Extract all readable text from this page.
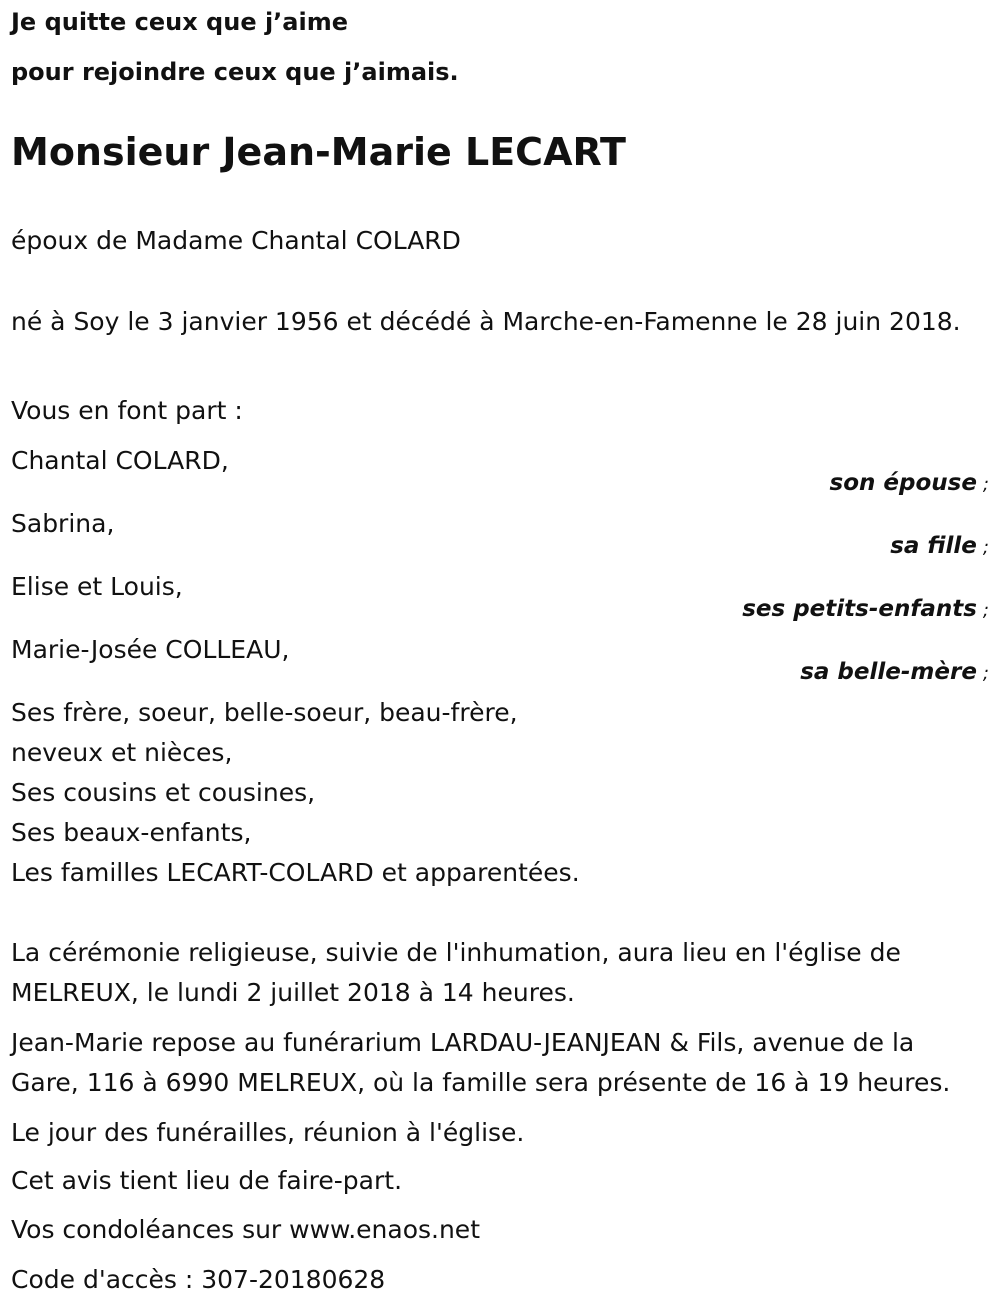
Je quitte ceux que j’aime

pour rejoindre ceux que j’aimais.

Monsieur Jean-Marie LECART

époux de Madame Chantal COLARD

né à Soy le 3 janvier 1956 et décédé à Marche-en-Famenne le 28 juin 2018.

Vous en font part :

Chantal COLARD,

son épouse ;

Sabrina,

sa fille ;

Elise et Louis,

ses petits-enfants ;

Marie-Josée COLLEAU,

sa belle-mère ;

Ses frère, soeur, belle-soeur, beau-frère,

neveux et nièces,

Ses cousins et cousines,

Ses beaux-enfants,

Les familles LECART-COLARD et apparentées.

La cérémonie religieuse, suivie de l'inhumation, aura lieu en l'église de MELREUX, le lundi 2 juillet 2018 à 14 heures.

Jean-Marie repose au funérarium LARDAU-JEANJEAN & Fils, avenue de la Gare, 116 à 6990 MELREUX, où la famille sera présente de 16 à 19 heures.

Le jour des funérailles, réunion à l'église.

Cet avis tient lieu de faire-part.

Vos condoléances sur www.enaos.net

Code d'accès : 307-20180628
